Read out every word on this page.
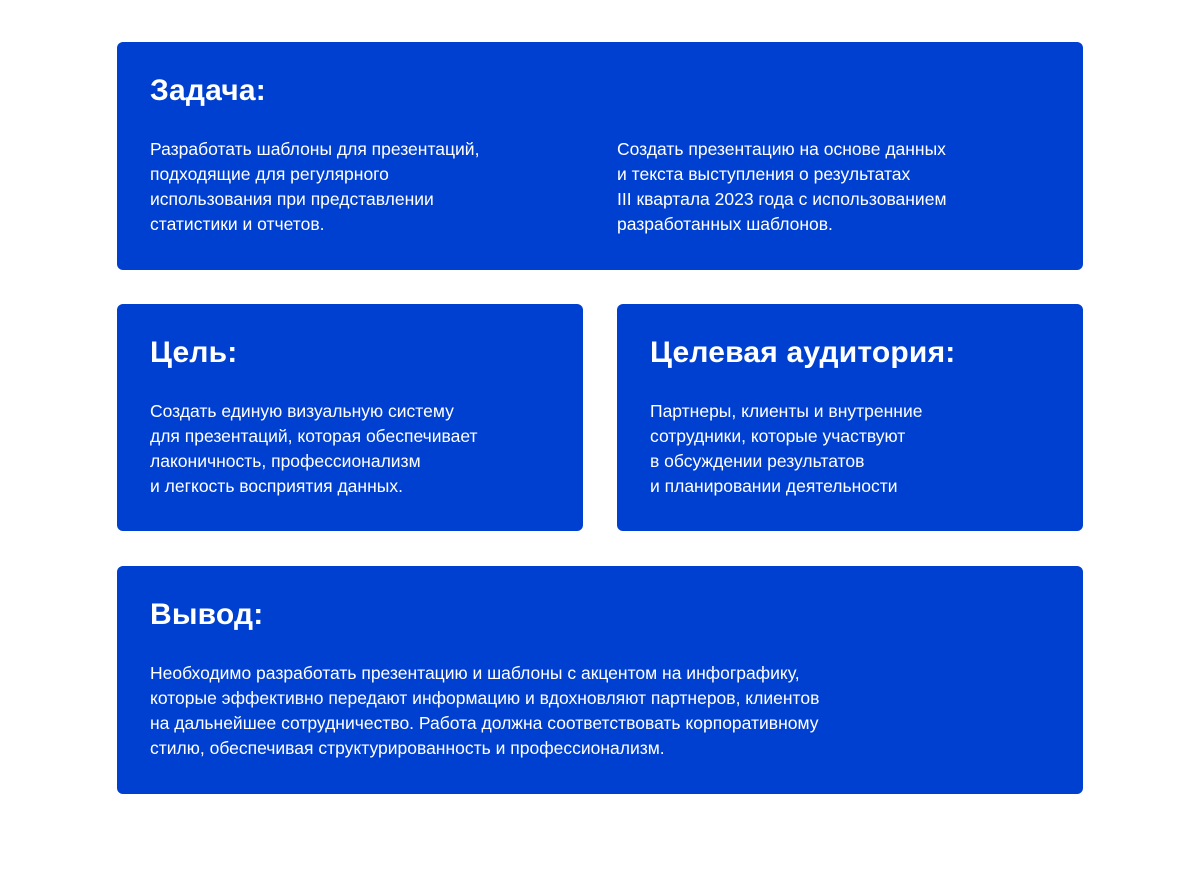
Задача:

Разработать шаблоны для презентаций,
подходящие для регулярного
использования при представлении
статистики и отчетов.

Создать презентацию на основе данных
и текста выступления о результатах
III квартала 2023 года с использованием
разработанных шаблонов.

Цель:

Создать единую визуальную систему
для презентаций, которая обеспечивает
лаконичность, профессионализм
и легкость восприятия данных.

Целевая аудитория:

Партнеры, клиенты и внутренние
сотрудники, которые участвуют
в обсуждении результатов
и планировании деятельности

Вывод:

Необходимо разработать презентацию и шаблоны с акцентом на инфографику,
которые эффективно передают информацию и вдохновляют партнеров, клиентов
на дальнейшее сотрудничество. Работа должна соответствовать корпоративному
стилю, обеспечивая структурированность и профессионализм.
